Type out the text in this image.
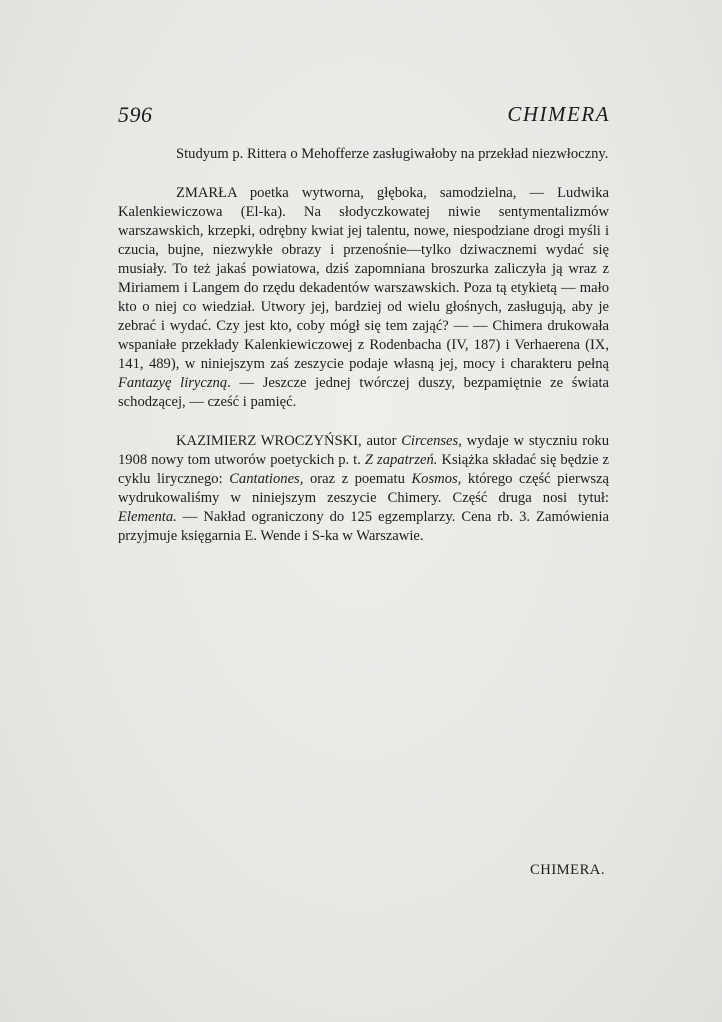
596	CHIMERA

Studyum p. Rittera o Mehofferze zasługiwałoby na przekład niezwłoczny.

ZMARŁA poetka wytworna, głęboka, samodzielna, — Ludwika Kalenkiewiczowa (El-ka). Na słodyczkowatej niwie sentymentalizmów warszawskich, krzepki, odrębny kwiat jej talentu, nowe, niespodziane drogi myśli i czucia, bujne, niezwykłe obrazy i przenośnie—tylko dziwacznemi wydać się musiały. To też jakaś powiatowa, dziś zapomniana broszurka zaliczyła ją wraz z Miriamem i Langem do rzędu dekadentów warszawskich. Poza tą etykietą — mało kto o niej co wiedział. Utwory jej, bardziej od wielu głośnych, zasługują, aby je zebrać i wydać. Czy jest kto, coby mógł się tem zająć? — — Chimera drukowała wspaniałe przekłady Kalenkiewiczowej z Rodenbacha (IV, 187) i Verhaerena (IX, 141, 489), w niniejszym zaś zeszycie podaje własną jej, mocy i charakteru pełną Fantazyę liryczną. — Jeszcze jednej twórczej duszy, bezpamiętnie ze świata schodzącej, — cześć i pamięć.

KAZIMIERZ WROCZYŃSKI, autor Circenses, wydaje w styczniu roku 1908 nowy tom utworów poetyckich p. t. Z zapatrzeń. Książka składać się będzie z cyklu lirycznego: Cantationes, oraz z poematu Kosmos, którego część pierwszą wydrukowaliśmy w niniejszym zeszycie Chimery. Część druga nosi tytuł: Elementa. — Nakład ograniczony do 125 egzemplarzy. Cena rb. 3. Zamówienia przyjmuje księgarnia E. Wende i S-ka w Warszawie.

CHIMERA.
